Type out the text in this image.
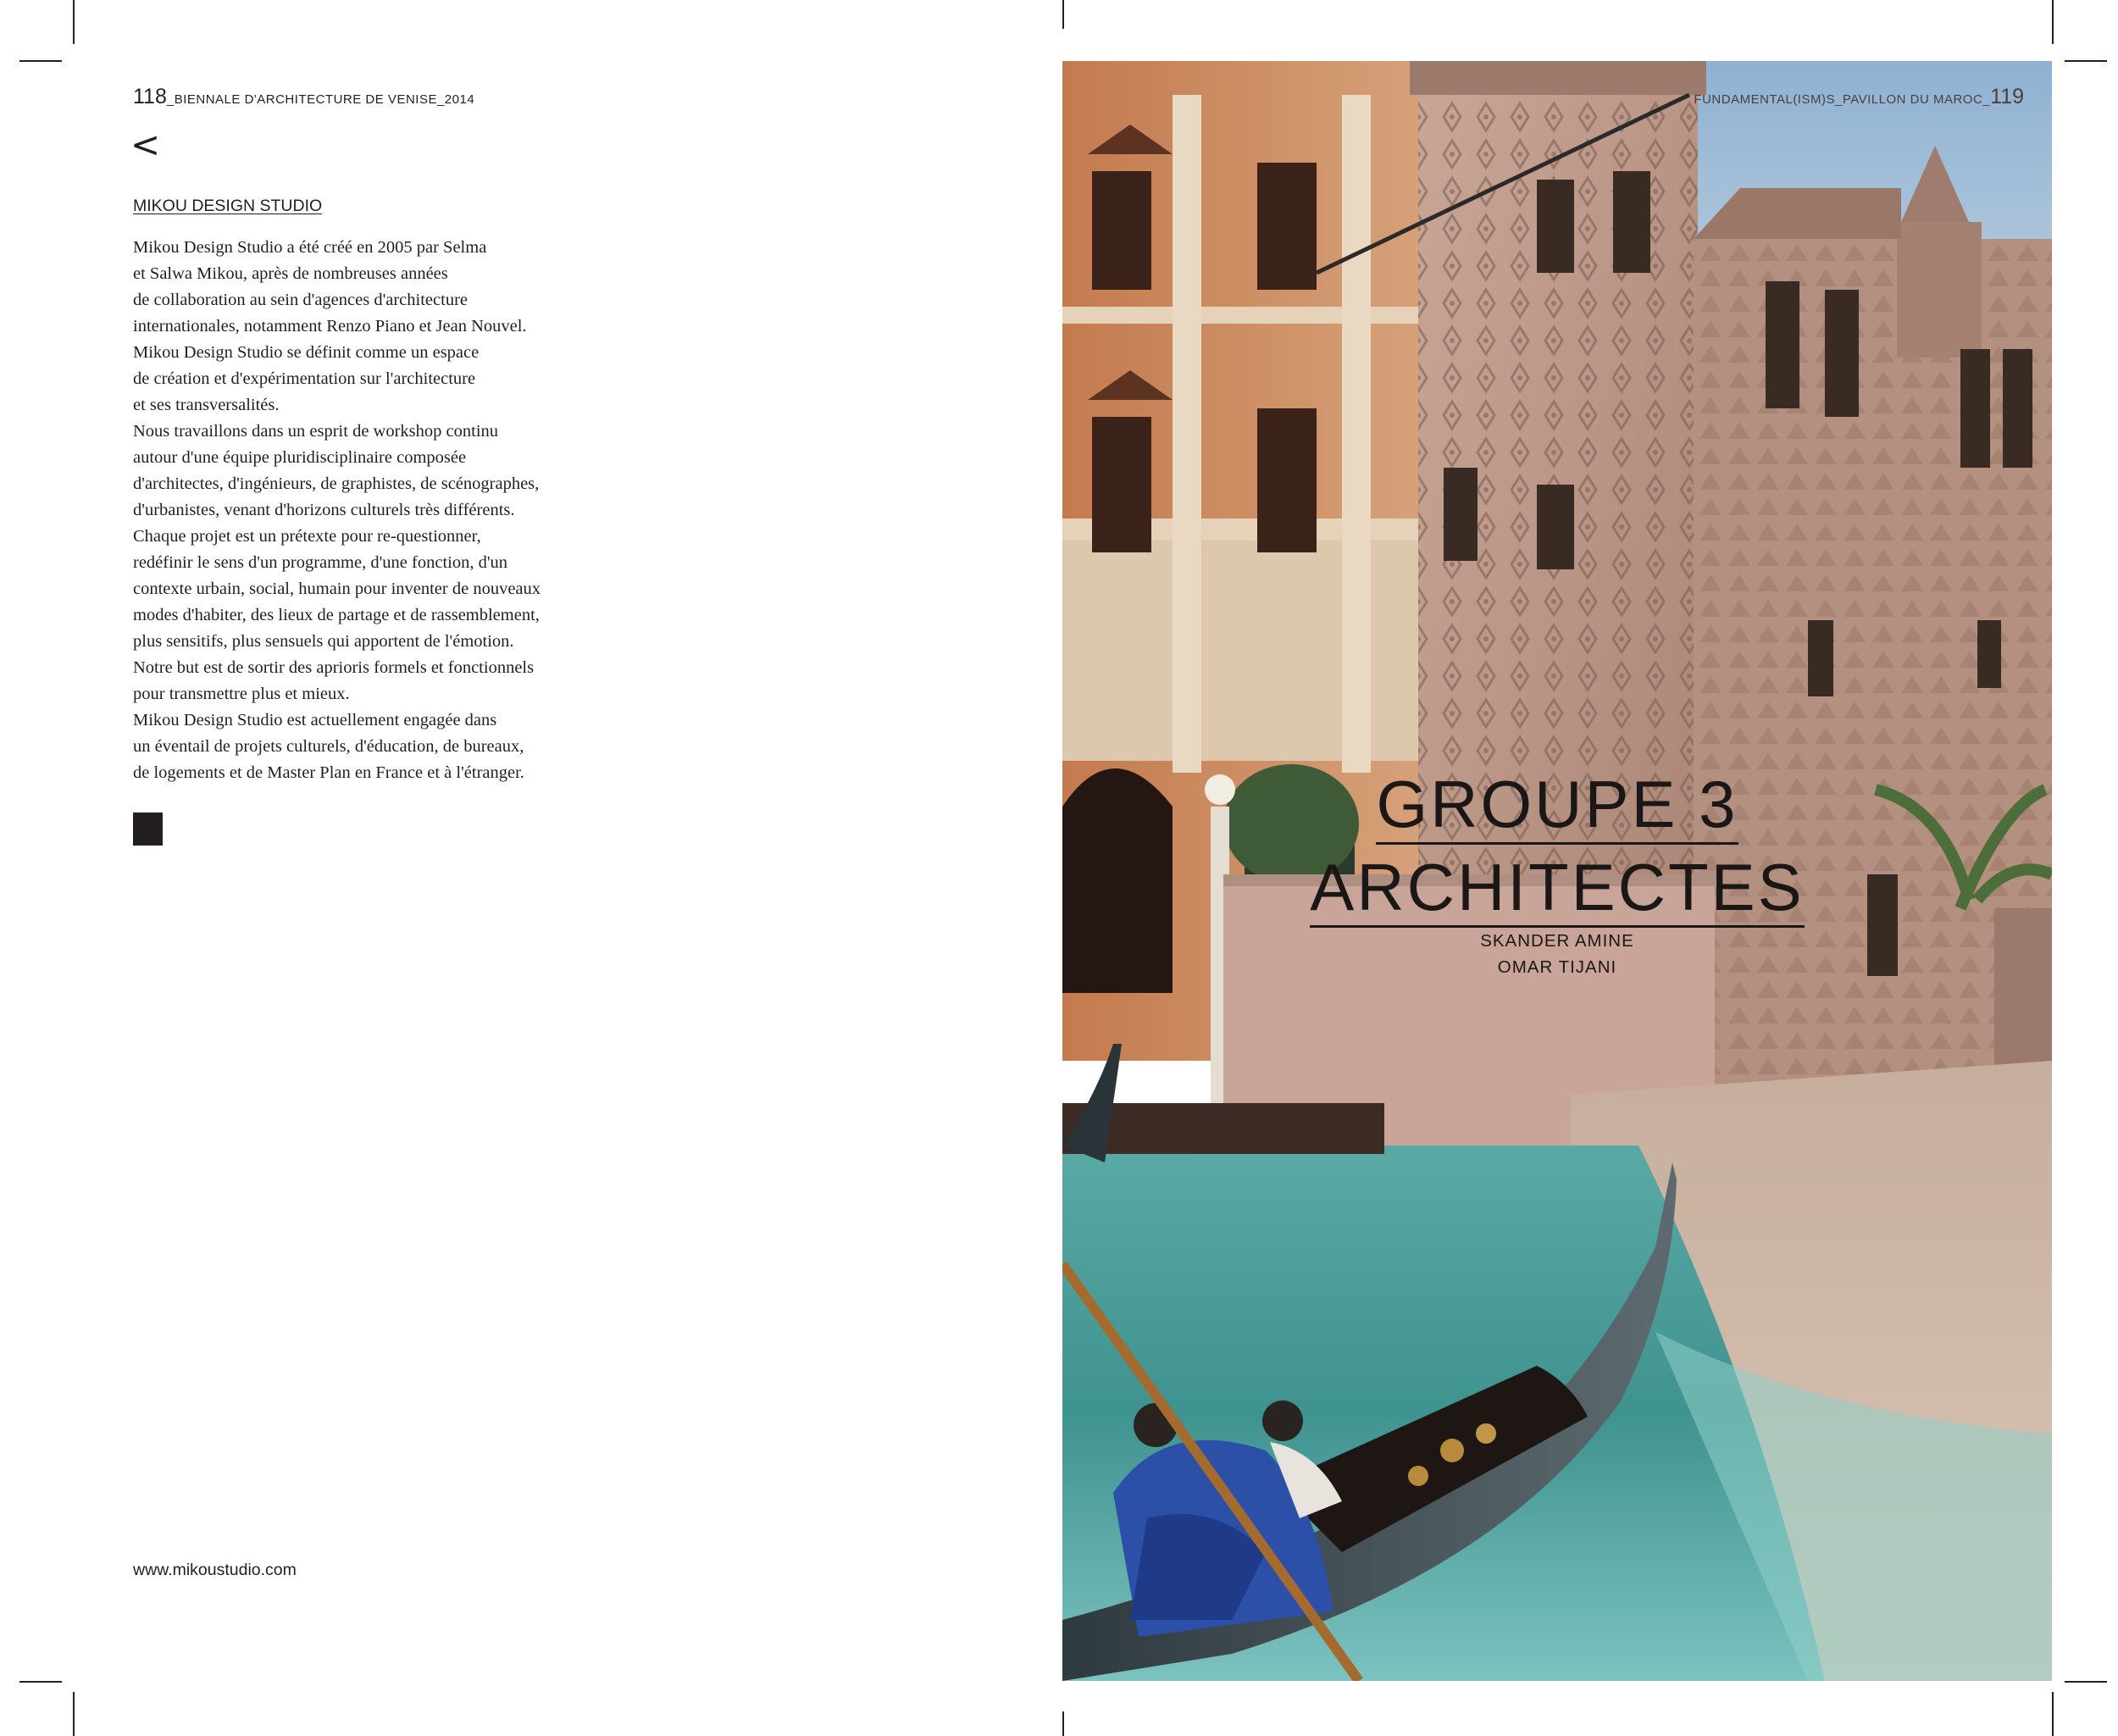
118_BIENNALE D'ARCHITECTURE DE VENISE_2014
<
MIKOU DESIGN STUDIO
Mikou Design Studio a été créé en 2005 par Selma
et Salwa Mikou, après de nombreuses années
de collaboration au sein d'agences d'architecture
internationales, notamment Renzo Piano et Jean Nouvel.
Mikou Design Studio se définit comme un espace
de création et d'expérimentation sur l'architecture
et ses transversalités.
Nous travaillons dans un esprit de workshop continu
autour d'une équipe pluridisciplinaire composée
d'architectes, d'ingénieurs, de graphistes, de scénographes,
d'urbanistes, venant d'horizons culturels très différents.
Chaque projet est un prétexte pour re-questionner,
redéfinir le sens d'un programme, d'une fonction, d'un
contexte urbain, social, humain pour inventer de nouveaux
modes d'habiter, des lieux de partage et de rassemblement,
plus sensitifs, plus sensuels qui apportent de l'émotion.
Notre but est de sortir des aprioris formels et fonctionnels
pour transmettre plus et mieux.
Mikou Design Studio est actuellement engagée dans
un éventail de projets culturels, d'éducation, de bureaux,
de logements et de Master Plan en France et à l'étranger.
www.mikoustudio.com
FUNDAMENTAL(ISM)S_PAVILLON DU MAROC_119
GROUPE 3
ARCHITECTES
SKANDER AMINE
OMAR TIJANI
